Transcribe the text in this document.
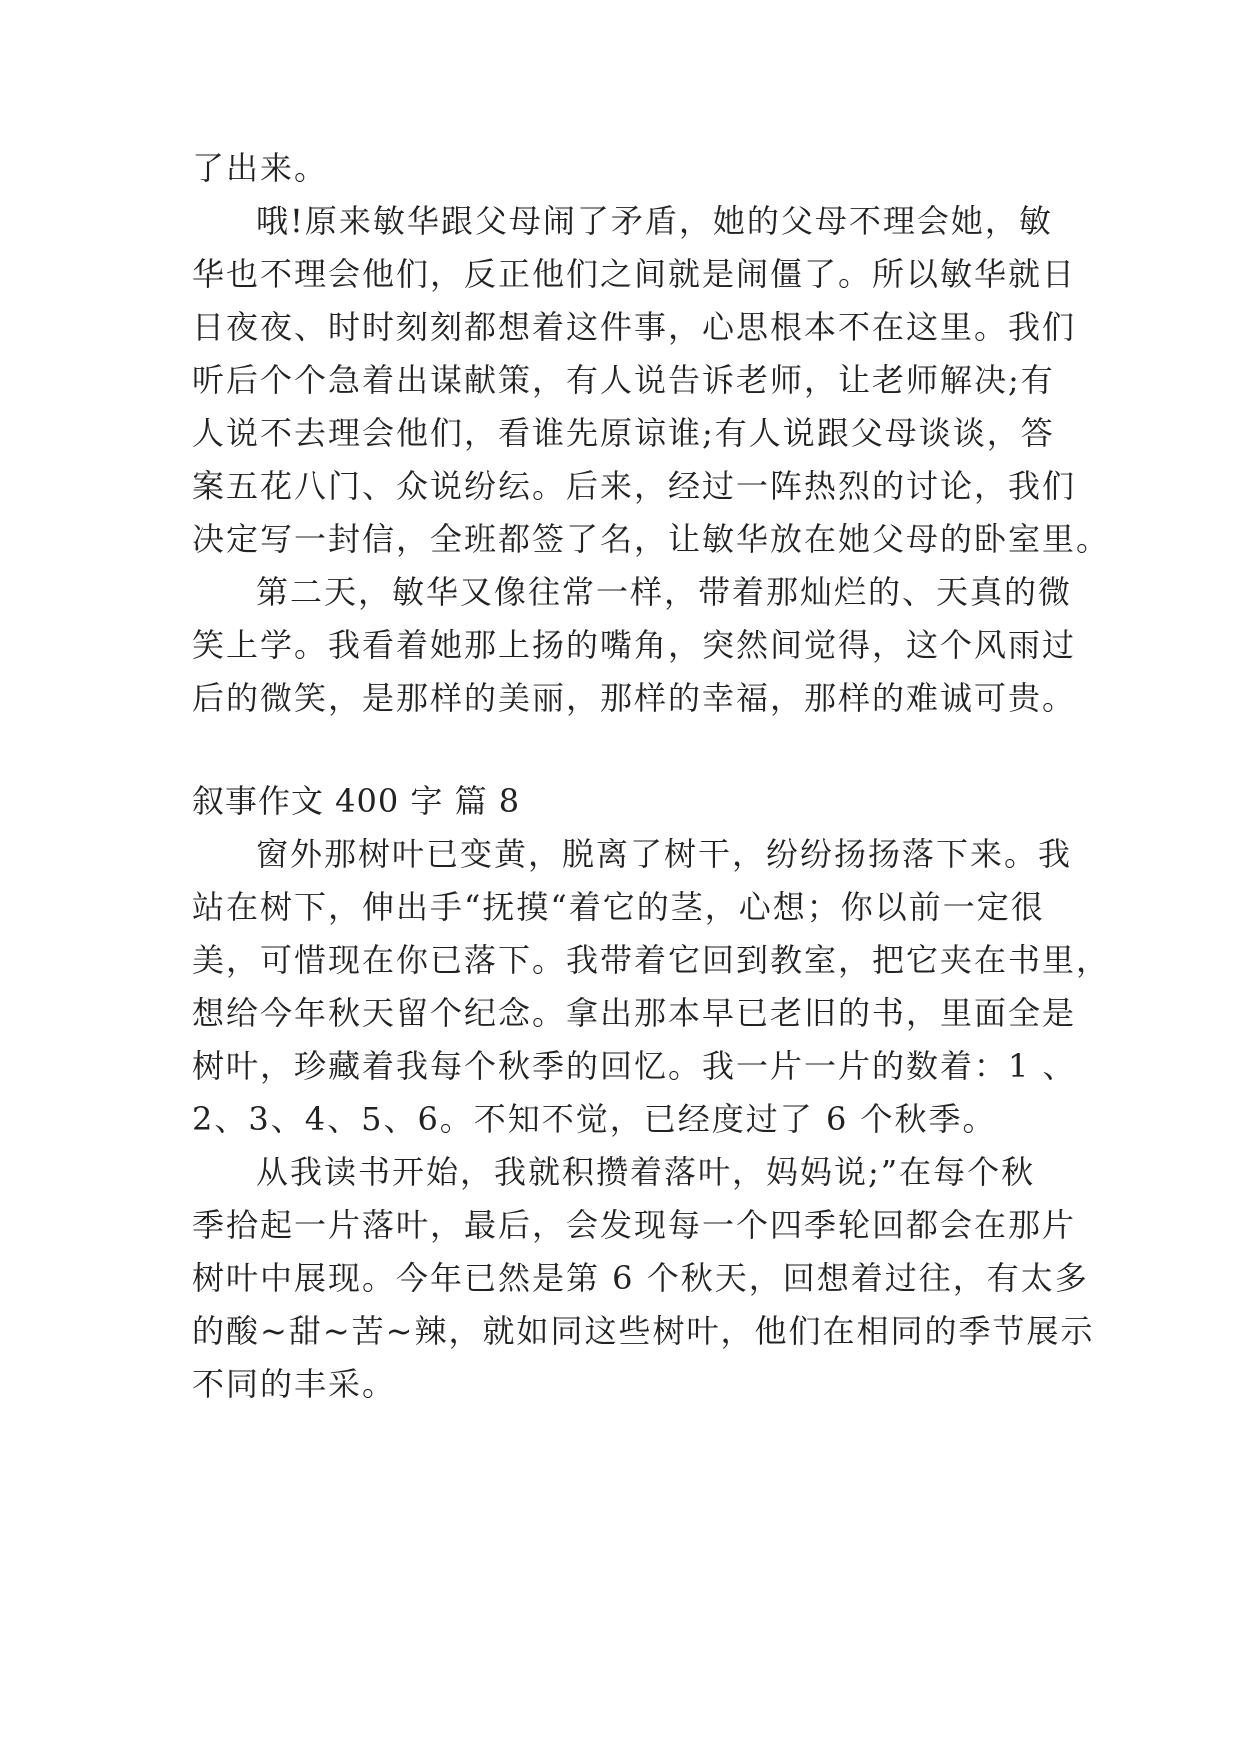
了出来。
哦!原来敏华跟父母闹了矛盾，她的父母不理会她，敏
华也不理会他们，反正他们之间就是闹僵了。所以敏华就日
日夜夜、时时刻刻都想着这件事，心思根本不在这里。我们
听后个个急着出谋献策，有人说告诉老师，让老师解决;有
人说不去理会他们，看谁先原谅谁;有人说跟父母谈谈，答
案五花八门、众说纷纭。后来，经过一阵热烈的讨论，我们
决定写一封信，全班都签了名，让敏华放在她父母的卧室里。
第二天，敏华又像往常一样，带着那灿烂的、天真的微
笑上学。我看着她那上扬的嘴角，突然间觉得，这个风雨过
后的微笑，是那样的美丽，那样的幸福，那样的难诚可贵。
叙事作文 400 字 篇 8
窗外那树叶已变黄，脱离了树干，纷纷扬扬落下来。我
站在树下，伸出手“抚摸“着它的茎，心想；你以前一定很
美，可惜现在你已落下。我带着它回到教室，把它夹在书里，
想给今年秋天留个纪念。拿出那本早已老旧的书，里面全是
树叶，珍藏着我每个秋季的回忆。我一片一片的数着：1 、
2、3、4、5、6。不知不觉，已经度过了 6 个秋季。
从我读书开始，我就积攒着落叶，妈妈说;”在每个秋
季拾起一片落叶，最后，会发现每一个四季轮回都会在那片
树叶中展现。今年已然是第 6 个秋天，回想着过往，有太多
的酸~甜~苦~辣，就如同这些树叶，他们在相同的季节展示
不同的丰采。
